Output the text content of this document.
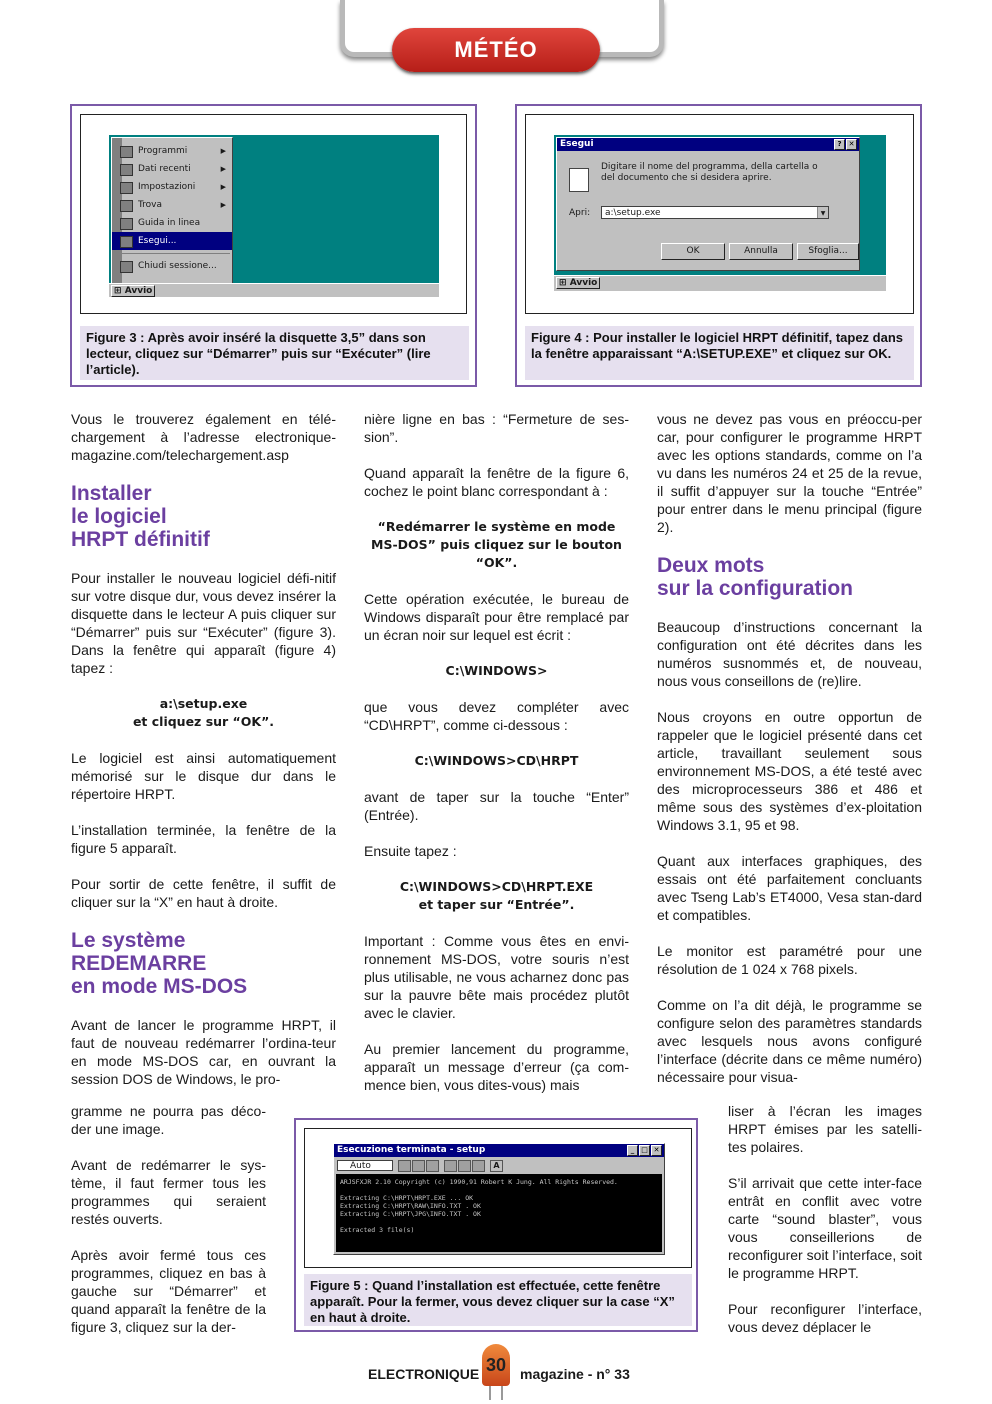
MÉTÉO
Programmi	▶
Dati recenti	▶
Impostazioni	▶
Trova	▶
Guida in linea
Esegui...
Chiudi sessione...
⊞ Avvio
Figure 3 : Après avoir inséré la disquette 3,5” dans son lecteur, cliquez sur “Démarrer” puis sur “Exécuter” (lire l’article).
Esegui	?	✕
Digitare il nome del programma, della cartella o del documento che si desidera aprire.
Apri:	a:\setup.exe	▼
OK	Annulla	Sfoglia...
⊞ Avvio
Figure 4 : Pour installer le logiciel HRPT définitif, tapez dans la fenêtre apparaissant “A:\SETUP.EXE” et cliquez sur OK.

Vous le trouverez également en télé-chargement à l’adresse electronique-magazine.com/telechargement.asp

Installer
le logiciel
HRPT définitif

Pour installer le nouveau logiciel défi-nitif sur votre disque dur, vous devez insérer la disquette dans le lecteur A puis cliquer sur “Démarrer” puis sur “Exécuter” (figure 3). Dans la fenêtre qui apparaît (figure 4) tapez :

a:\setup.exe
et cliquez sur “OK”.

Le logiciel est ainsi automatiquement mémorisé sur le disque dur dans le répertoire HRPT.

L’installation terminée, la fenêtre de la figure 5 apparaît.

Pour sortir de cette fenêtre, il suffit de cliquer sur la “X” en haut à droite.

Le système
REDEMARRE
en mode MS-DOS

Avant de lancer le programme HRPT, il faut de nouveau redémarrer l’ordina-teur en mode MS-DOS car, en ouvrant la session DOS de Windows, le pro-

gramme ne pourra pas déco-der une image.

Avant de redémarrer le sys-tème, il faut fermer tous les programmes qui seraient restés ouverts.

Après avoir fermé tous ces programmes, cliquez en bas à gauche sur “Démarrer” et quand apparaît la fenêtre de la figure 3, cliquez sur la der-

nière ligne en bas : “Fermeture de ses-sion”.

Quand apparaît la fenêtre de la figure 6, cochez le point blanc correspondant à :

“Redémarrer le système en mode MS-DOS” puis cliquez sur le bouton “OK”.

Cette opération exécutée, le bureau de Windows disparaît pour être remplacé par un écran noir sur lequel est écrit :

C:\WINDOWS>

que vous devez compléter avec “CD\HRPT”, comme ci-dessous :

C:\WINDOWS>CD\HRPT

avant de taper sur la touche “Enter” (Entrée).

Ensuite tapez :

C:\WINDOWS>CD\HRPT.EXE
et taper sur “Entrée”.

Important : Comme vous êtes en envi-ronnement MS-DOS, votre souris n’est plus utilisable, ne vous acharnez donc pas sur la pauvre bête mais procédez plutôt avec le clavier.

Au premier lancement du programme, apparaît un message d’erreur (ça com-mence bien, vous dites-vous) mais

vous ne devez pas vous en préoccu-per car, pour configurer le programme HRPT avec les options standards, comme on l’a vu dans les numéros 24 et 25 de la revue, il suffit d’appuyer sur la touche “Entrée” pour entrer dans le menu principal (figure 2).

Deux mots
sur la configuration

Beaucoup d’instructions concernant la configuration ont été décrites dans les numéros susnommés et, de nouveau, nous vous conseillons de (re)lire.

Nous croyons en outre opportun de rappeler que le logiciel présenté dans cet article, travaillant seulement sous environnement MS-DOS, a été testé avec des microprocesseurs 386 et 486 et même sous des systèmes d’ex-ploitation Windows 3.1, 95 et 98.

Quant aux interfaces graphiques, des essais ont été parfaitement concluants avec Tseng Lab’s ET4000, Vesa stan-dard et compatibles.

Le monitor est paramétré pour une résolution de 1 024 x 768 pixels.

Comme on l’a dit déjà, le programme se configure selon des paramètres standards avec lesquels nous avons configuré l’interface (décrite dans ce même numéro) nécessaire pour visua-

liser à l’écran les images HRPT émises par les satelli-tes polaires.

S’il arrivait que cette inter-face entrât en conflit avec votre carte “sound blaster”, vous vous conseillerions de reconfigurer soit l’interface, soit le programme HRPT.

Pour reconfigurer l’interface, vous devez déplacer le

Esecuzione terminata - setup	_ □ ✕
Auto	A
ARJSFXJR 2.10 Copyright (c) 1990,91 Robert K Jung. All Rights Reserved.

Extracting C:\HRPT\HRPT.EXE ... OK
Extracting C:\HRPT\RAW\INFO.TXT . OK
Extracting C:\HRPT\JPG\INFO.TXT . OK

Extracted 3 file(s)
Figure 5 : Quand l’installation est effectuée, cette fenêtre apparaît. Pour la fermer, vous devez cliquer sur la case “X” en haut à droite.
ELECTRONIQUE 30 magazine - n° 33
